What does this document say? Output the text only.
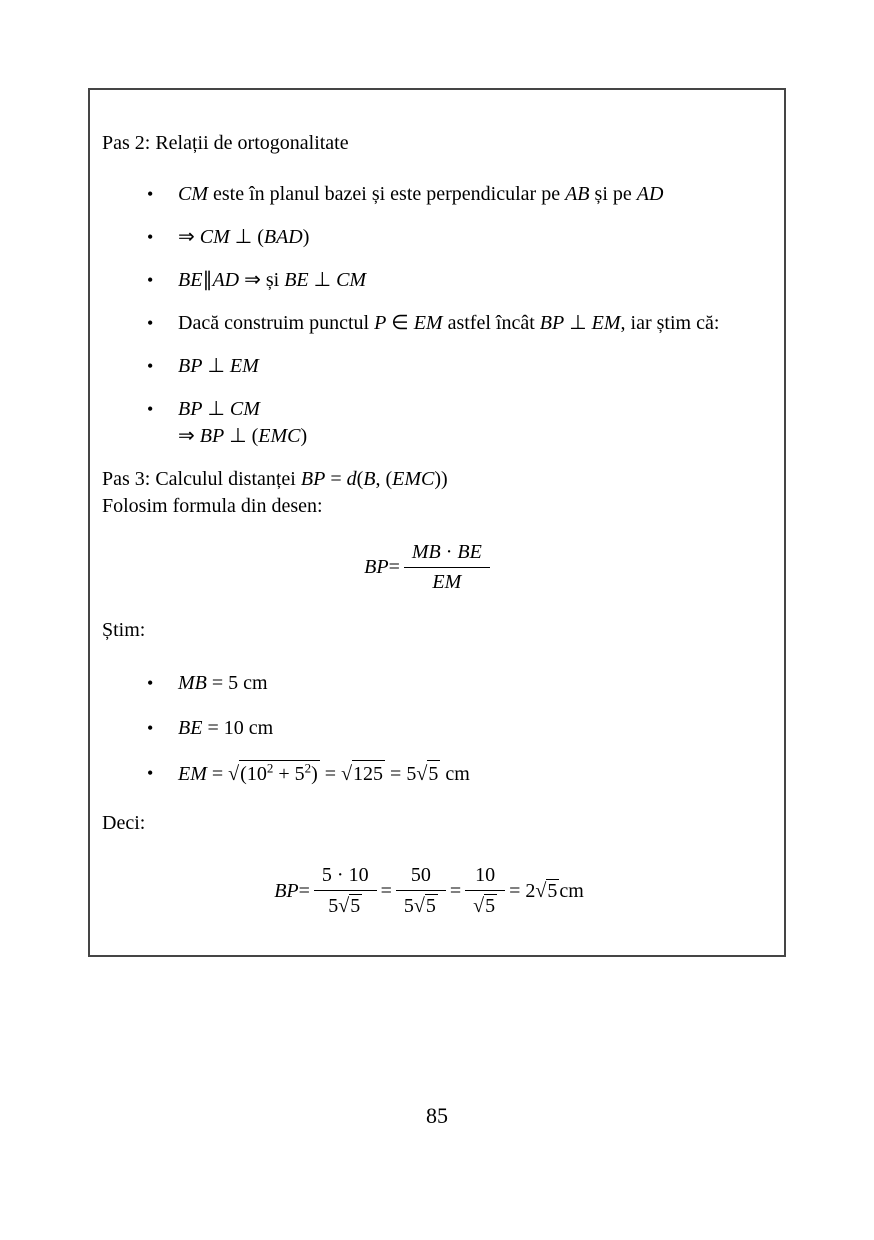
Pas 2: Relații de ortogonalitate

•	CM este în planul bazei și este perpendicular pe AB și pe AD
•	⇒ CM ⊥ (BAD)
•	BE∥AD ⇒ și BE ⊥ CM
•	Dacă construim punctul P ∈ EM astfel încât BP ⊥ EM, iar știm că:
•	BP ⊥ EM
•	BP ⊥ CM
⇒ BP ⊥ (EMC)

Pas 3: Calculul distanței BP = d(B, (EMC))

Folosim formula din desen:

BP = $\frac{MB \cdot BE}{EM}$

Știm:

•	MB = 5 cm
•	BE = 10 cm
•	EM = $√(10^2 + 5^2) = √125 = 5√5$ cm

Deci:

BP = $\frac{5 \cdot 10}{5√5} = \frac{50}{5√5} = \frac{10}{√5} = 2$ √5 cm
85
